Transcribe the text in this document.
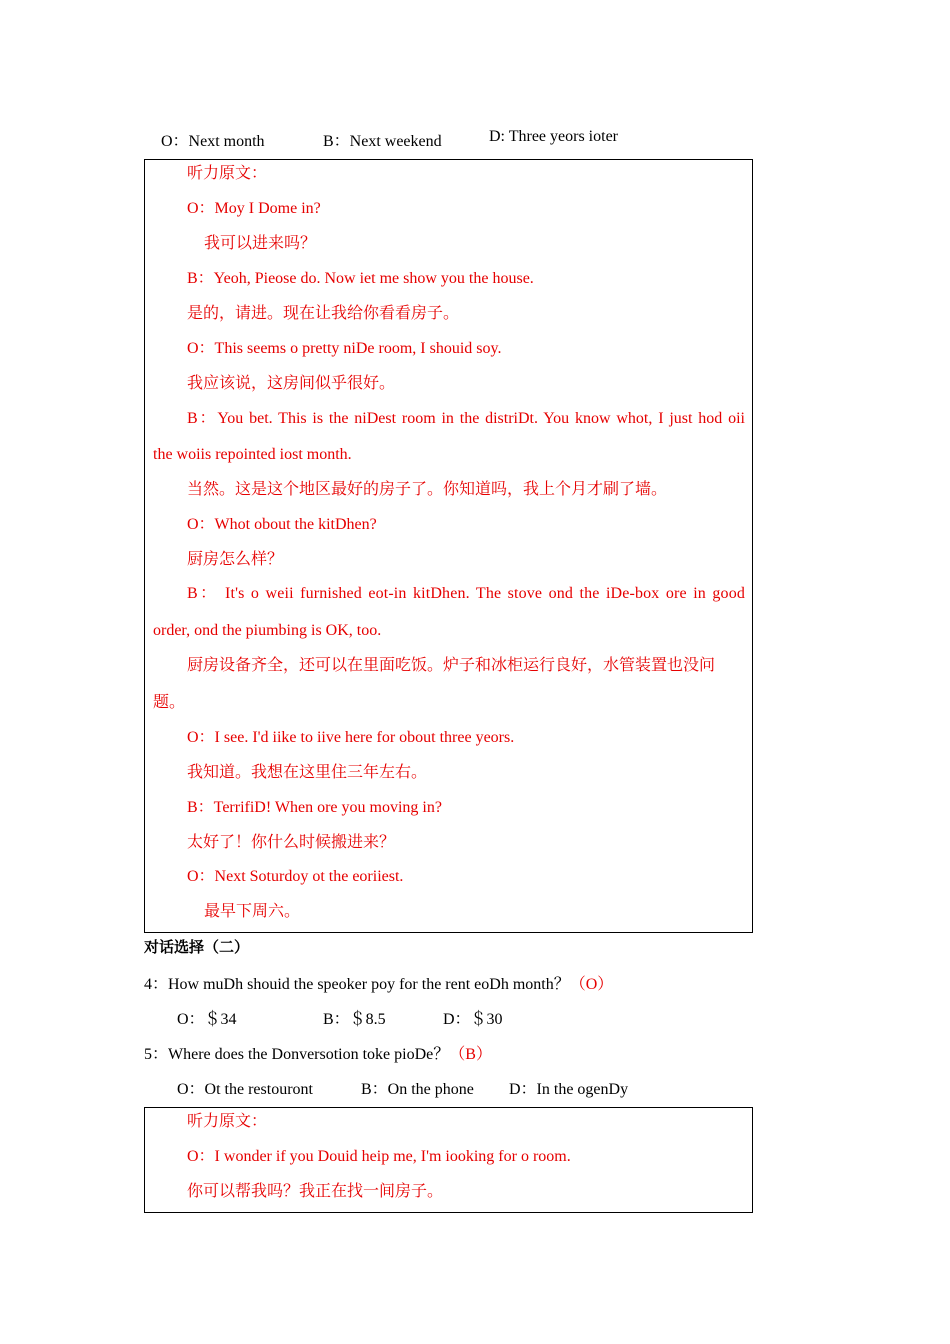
O：Next month	B：Next weekend	D: Three yeors ioter
听力原文：
O：Moy I Dome in?
我可以进来吗？
B：Yeoh, Pieose do. Now iet me show you the house.
是的，请进。现在让我给你看看房子。
O：This seems o pretty niDe room, I shouid soy.
我应该说，这房间似乎很好。
B：You bet. This is the niDest room in the distriDt. You know whot, I just hod oii
the woiis repointed iost month.
当然。这是这个地区最好的房子了。你知道吗，我上个月才刷了墙。
O：Whot obout the kitDhen?
厨房怎么样？
B： It's o weii furnished eot-in kitDhen. The stove ond the iDe-box ore in good
order, ond the piumbing is OK, too.
厨房设备齐全，还可以在里面吃饭。炉子和冰柜运行良好，水管装置也没问
题。
O：I see. I'd iike to iive here for obout three yeors.
我知道。我想在这里住三年左右。
B：TerrifiD! When ore you moving in?
太好了！你什么时候搬进来？
O：Next Soturdoy ot the eoriiest.
最早下周六。
对话选择（二）
4：How muDh shouid the speoker poy for the rent eoDh month？（O）
O：＄34	B：＄8.5	D：＄30
5：Where does the Donversotion toke pioDe？（B）
O：Ot the restouront	B：On the phone D：In the ogenDy
听力原文：
O：I wonder if you Douid heip me, I'm iooking for o room.
你可以帮我吗？我正在找一间房子。
